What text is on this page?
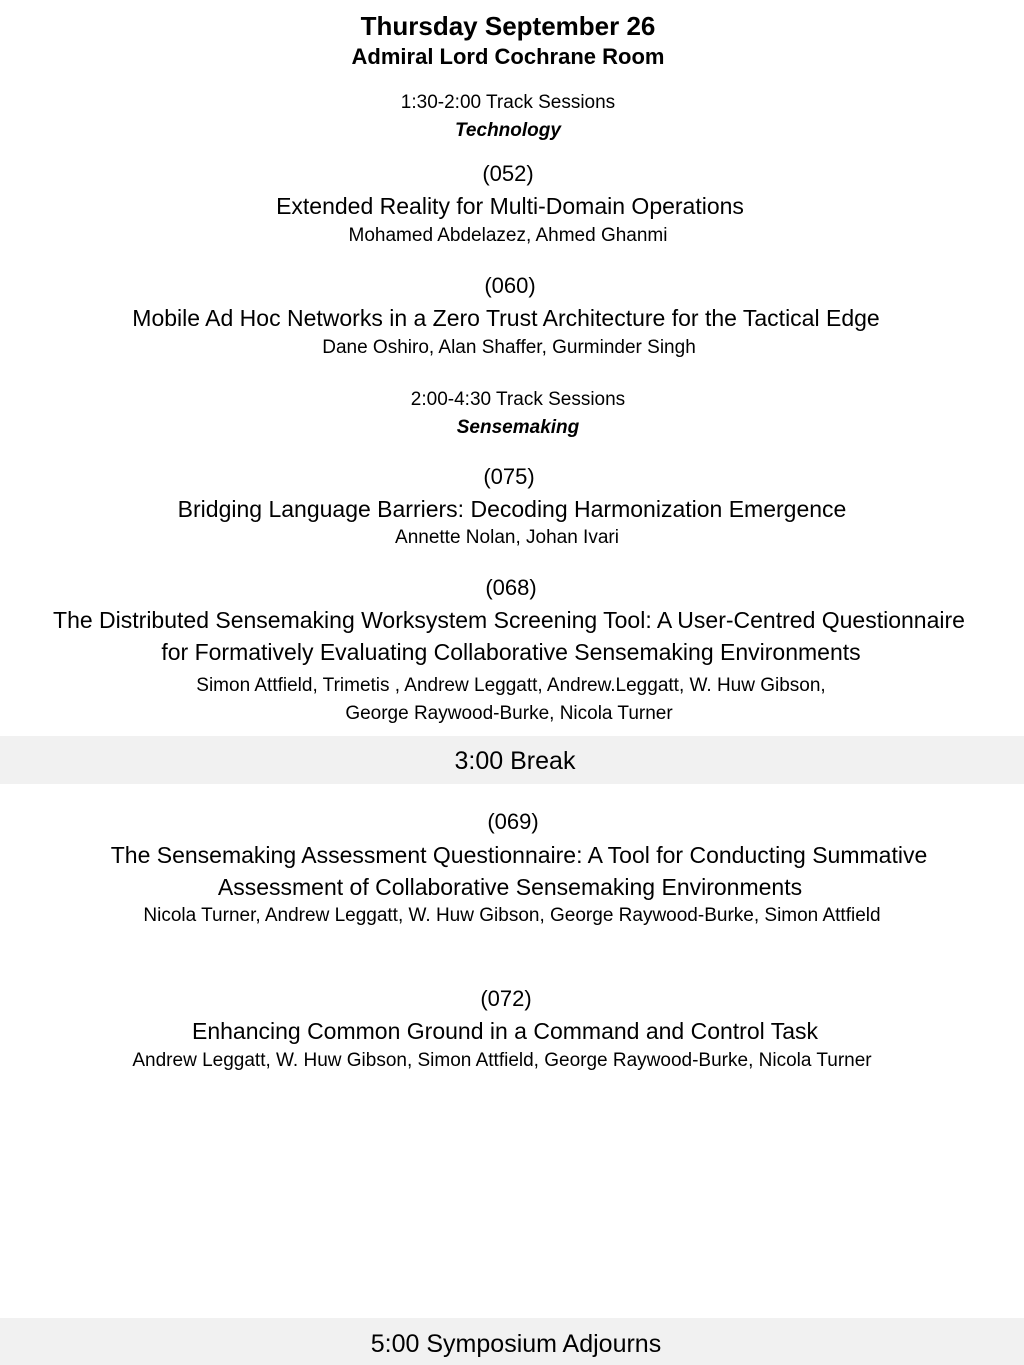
Thursday September 26
Admiral Lord Cochrane Room
1:30-2:00 Track Sessions
Technology
(052)
Extended Reality for Multi-Domain Operations
Mohamed Abdelazez, Ahmed Ghanmi
(060)
Mobile Ad Hoc Networks in a Zero Trust Architecture for the Tactical Edge
Dane Oshiro, Alan Shaffer, Gurminder Singh
2:00-4:30 Track Sessions
Sensemaking
(075)
Bridging Language Barriers: Decoding Harmonization Emergence
Annette Nolan, Johan Ivari
(068)
The Distributed Sensemaking Worksystem Screening Tool: A User-Centred Questionnaire
for Formatively Evaluating Collaborative Sensemaking Environments
Simon Attfield, Trimetis , Andrew Leggatt, Andrew.Leggatt, W. Huw Gibson,
George Raywood-Burke, Nicola Turner
3:00 Break
(069)
The Sensemaking Assessment Questionnaire: A Tool for Conducting Summative
Assessment of Collaborative Sensemaking Environments
Nicola Turner, Andrew Leggatt, W. Huw Gibson, George Raywood-Burke, Simon Attfield
(072)
Enhancing Common Ground in a Command and Control Task
Andrew Leggatt, W. Huw Gibson, Simon Attfield, George Raywood-Burke, Nicola Turner
5:00 Symposium Adjourns
